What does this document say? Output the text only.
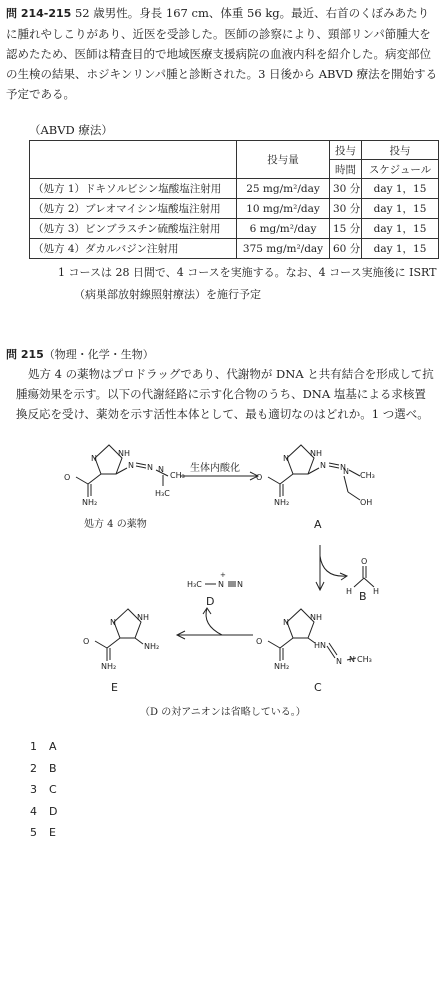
問 214-215 52 歳男性。身長 167 cm、体重 56 kg。最近、右首のくぼみあたりに腫れやしこりがあり、近医を受診した。医師の診察により、頸部リンパ節腫大を認めたため、医師は精査目的で地域医療支援病院の血液内科を紹介した。病変部位の生検の結果、ホジキンリンパ腫と診断された。3 日後から ABVD 療法を開始する予定である。
（ABVD 療法）
	投与量	投与	投与
		時間	スケジュール
（処方 1）ドキソルビシン塩酸塩注射用	25 mg/m²/day	30 分	day 1，15
（処方 2）ブレオマイシン塩酸塩注射用	10 mg/m²/day	30 分	day 1，15
（処方 3）ビンブラスチン硫酸塩注射用	6 mg/m²/day	15 分	day 1，15
（処方 4）ダカルバジン注射用	375 mg/m²/day	60 分	day 1，15
1 コースは 28 日間で、4 コースを実施する。なお、4 コース実施後に ISRT
（病巣部放射線照射療法）を施行予定
問 215（物理・化学・生物）
処方 4 の薬物はプロドラッグであり、代謝物が DNA と共有結合を形成して抗腫瘍効果を示す。以下の代謝経路に示す化合物のうち、DNA 塩基による求核置換反応を受け、薬効を示す活性本体として、最も適切なのはどれか。1 つ選べ。
NH
N
O
NH₂
N N N
CH₃
H₃C
NH
N
O
NH₂
N N
N CH₃
OH
NH
N
O
NH₂
HN
N N CH₃
NH
N
O
NH₂
NH₂
O
H	H
H₃C N
+
N
A
B
C
D
E
生体内酸化
処方 4 の薬物
（D の対アニオンは省略している。）
1 A
2 B
3 C
4 D
5 E
